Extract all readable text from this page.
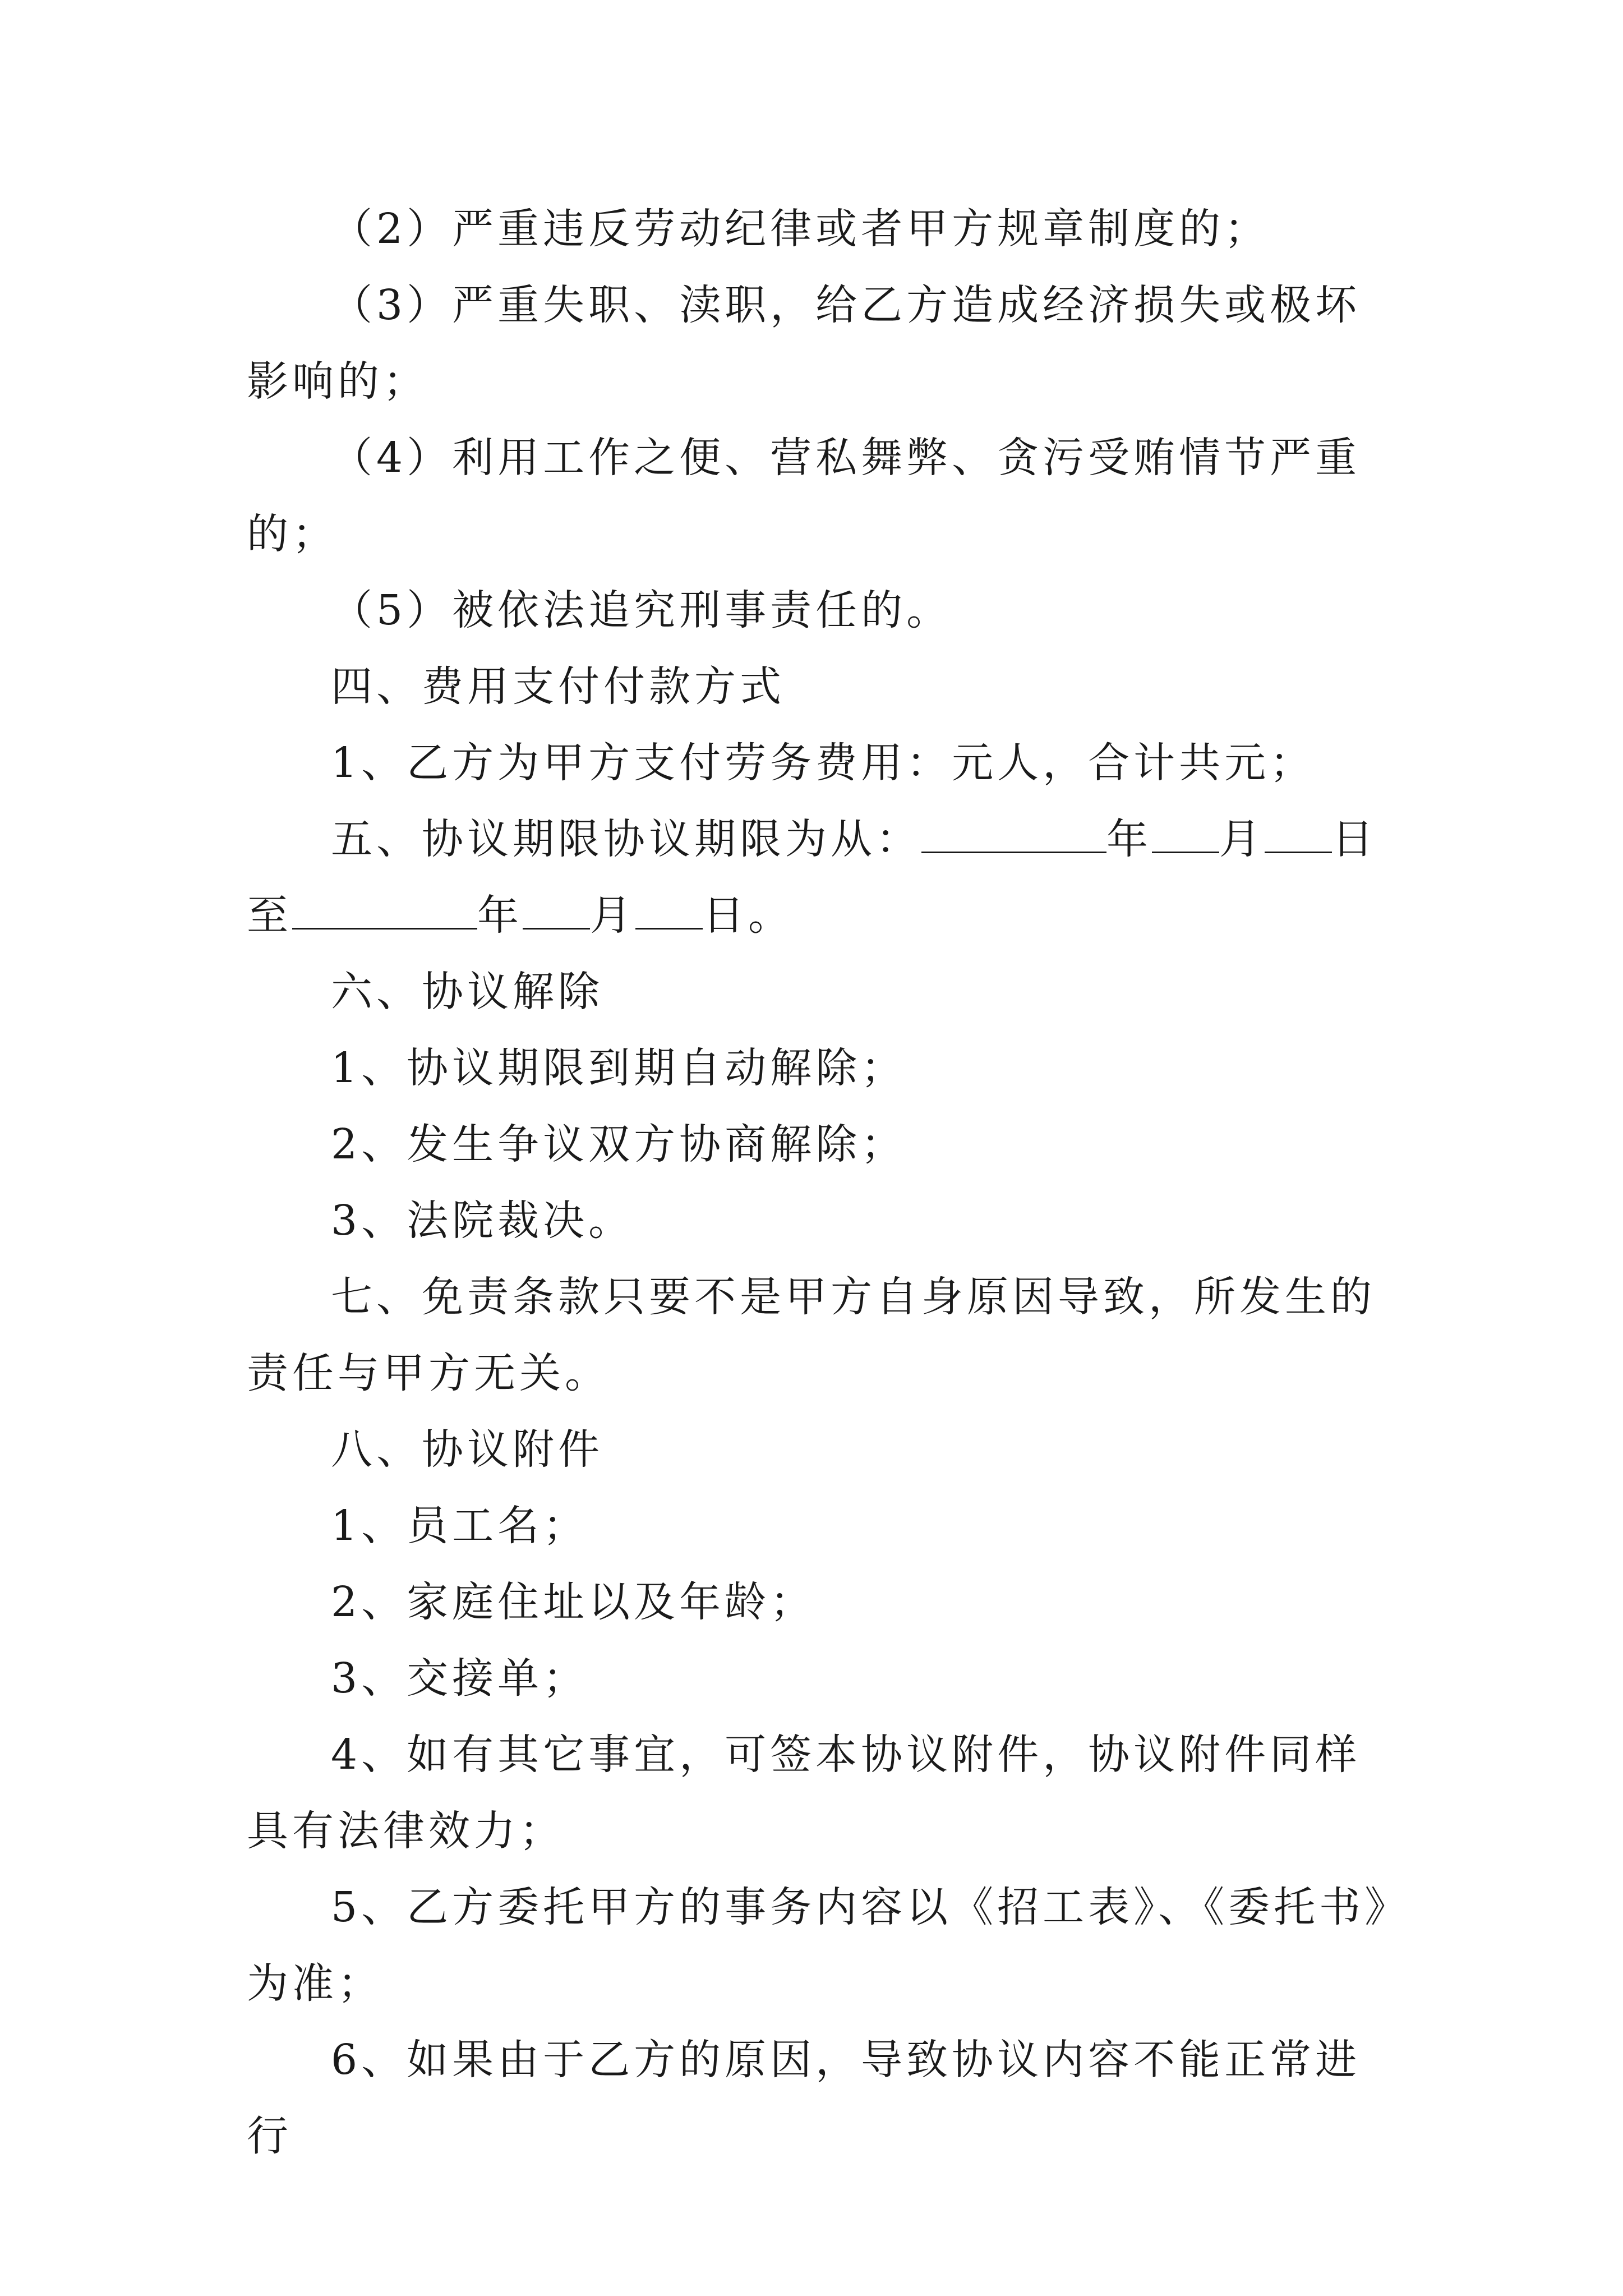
（2）严重违反劳动纪律或者甲方规章制度的；

（3）严重失职、渎职，给乙方造成经济损失或极坏影响的；

（4）利用工作之便、营私舞弊、贪污受贿情节严重的；

（5）被依法追究刑事责任的。

四、费用支付付款方式

1、乙方为甲方支付劳务费用：元人，合计共元；

五、协议期限协议期限为从：	年 月 日至	年 月 日。

六、协议解除

1、协议期限到期自动解除；

2、发生争议双方协商解除；

3、法院裁决。

七、免责条款只要不是甲方自身原因导致，所发生的责任与甲方无关。

八、协议附件

1、员工名；

2、家庭住址以及年龄；

3、交接单；

4、如有其它事宜，可签本协议附件，协议附件同样具有法律效力；

5、乙方委托甲方的事务内容以《招工表》、《委托书》为准；

6、如果由于乙方的原因，导致协议内容不能正常进行
